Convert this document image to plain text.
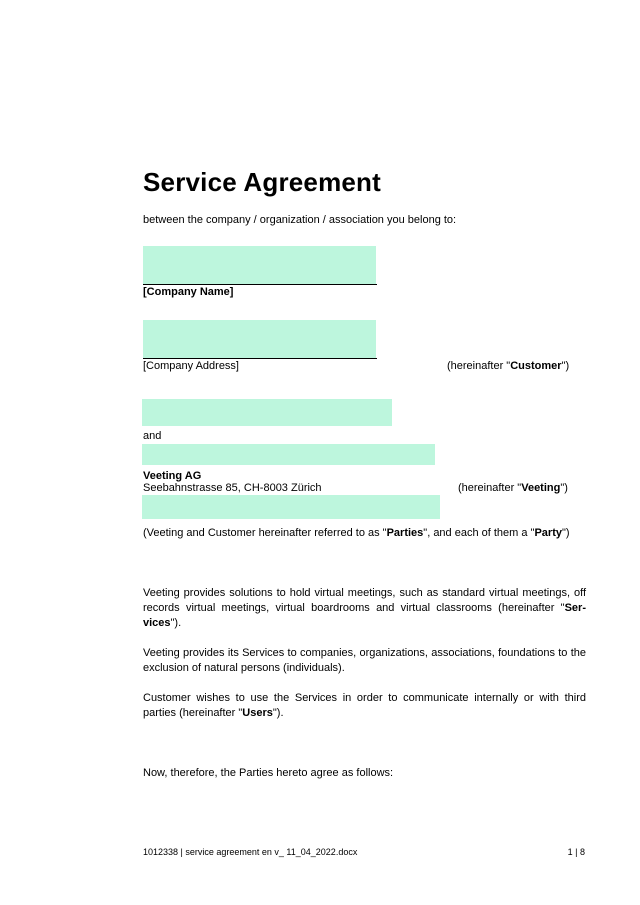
Service Agreement
between the company / organization / association you belong to:
[Company Name]
[Company Address]	(hereinafter "Customer")
and
Veeting AG
Seebahnstrasse 85, CH-8003 Zürich	(hereinafter "Veeting")
(Veeting and Customer hereinafter referred to as "Parties", and each of them a "Party")
Veeting provides solutions to hold virtual meetings, such as standard virtual meetings, off records virtual meetings, virtual boardrooms and virtual classrooms (hereinafter "Ser-vices").
Veeting provides its Services to companies, organizations, associations, foundations to the exclusion of natural persons (individuals).
Customer wishes to use the Services in order to communicate internally or with third parties (hereinafter "Users").
Now, therefore, the Parties hereto agree as follows:
1012338 | service agreement en v_ 11_04_2022.docx	1 | 8
